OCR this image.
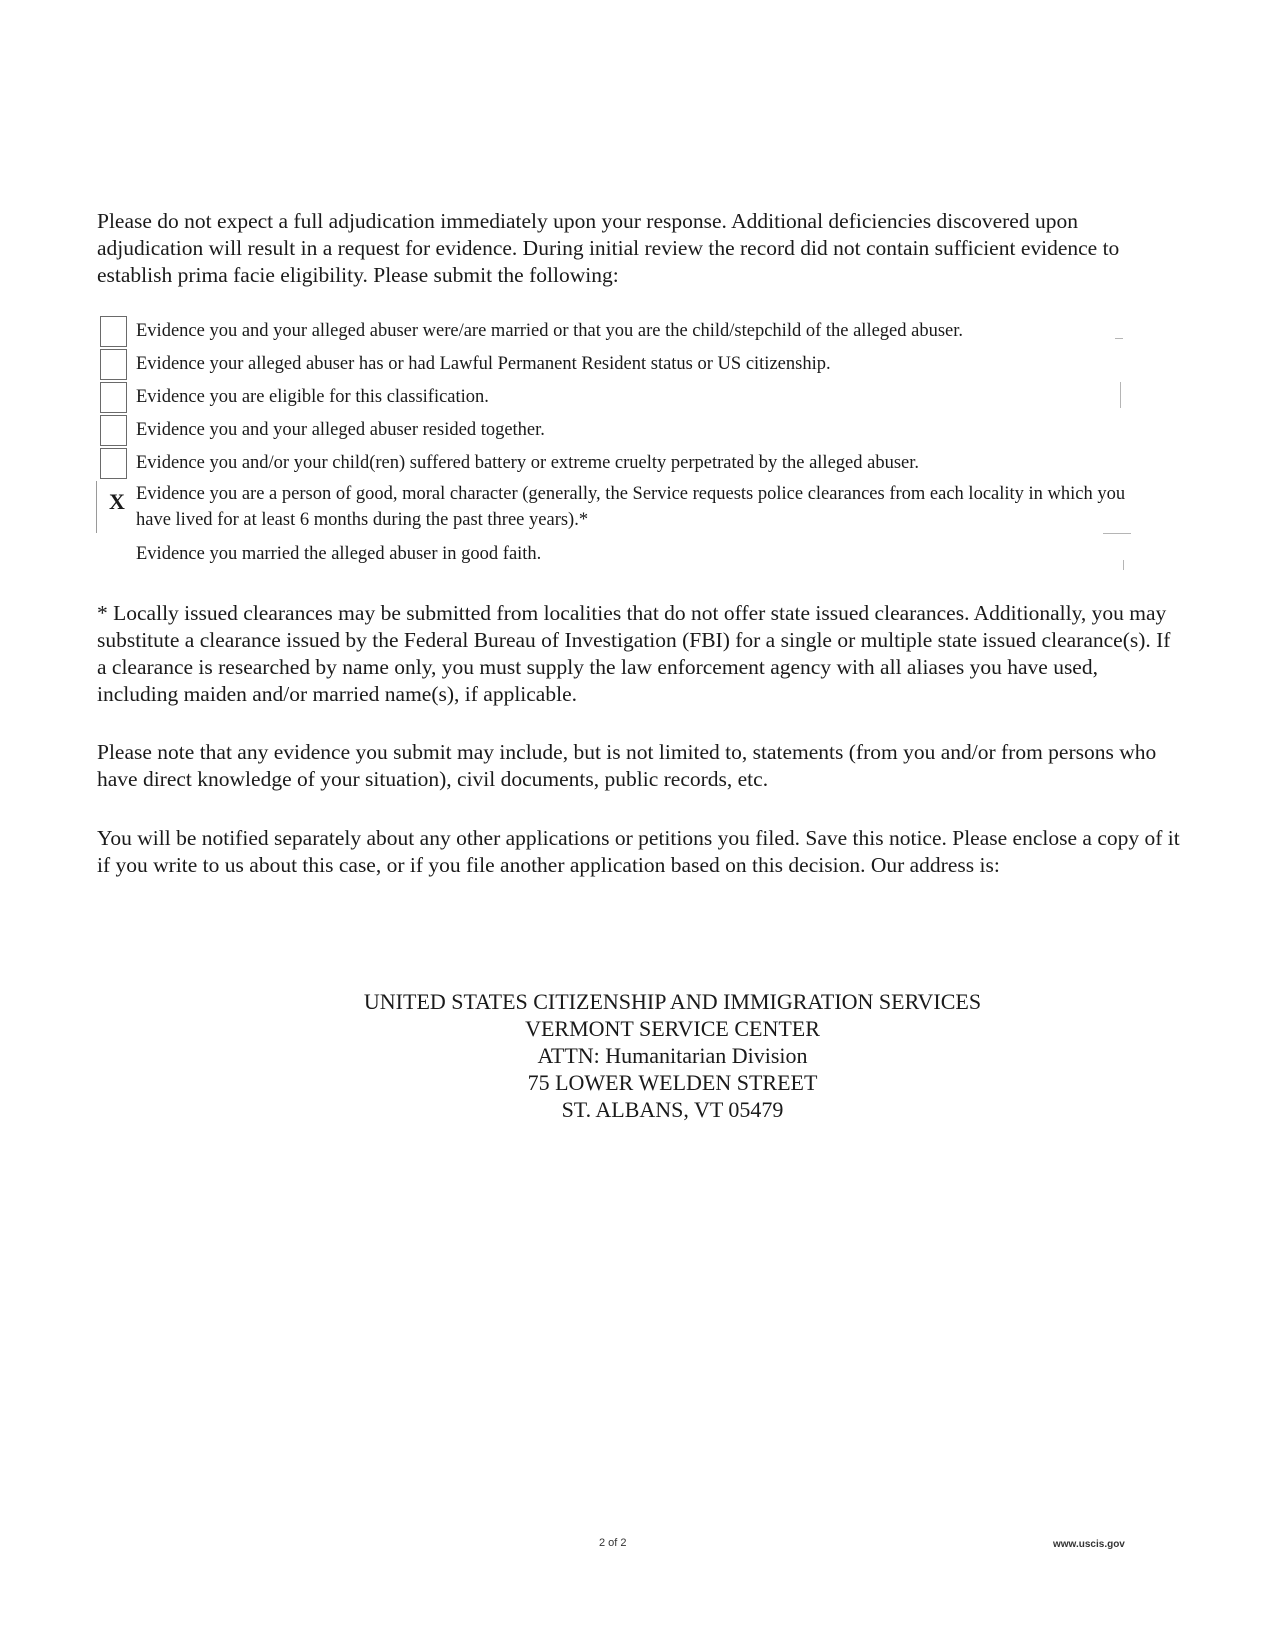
Please do not expect a full adjudication immediately upon your response. Additional deficiencies discovered upon adjudication will result in a request for evidence. During initial review the record did not contain sufficient evidence to establish prima facie eligibility. Please submit the following:

Evidence you and your alleged abuser were/are married or that you are the child/stepchild of the alleged abuser.
Evidence your alleged abuser has or had Lawful Permanent Resident status or US citizenship.
Evidence you are eligible for this classification.
Evidence you and your alleged abuser resided together.
Evidence you and/or your child(ren) suffered battery or extreme cruelty perpetrated by the alleged abuser.
X Evidence you are a person of good, moral character (generally, the Service requests police clearances from each locality in which you have lived for at least 6 months during the past three years).*
Evidence you married the alleged abuser in good faith.

* Locally issued clearances may be submitted from localities that do not offer state issued clearances. Additionally, you may substitute a clearance issued by the Federal Bureau of Investigation (FBI) for a single or multiple state issued clearance(s). If a clearance is researched by name only, you must supply the law enforcement agency with all aliases you have used, including maiden and/or married name(s), if applicable.

Please note that any evidence you submit may include, but is not limited to, statements (from you and/or from persons who have direct knowledge of your situation), civil documents, public records, etc.

You will be notified separately about any other applications or petitions you filed. Save this notice. Please enclose a copy of it if you write to us about this case, or if you file another application based on this decision. Our address is:

UNITED STATES CITIZENSHIP AND IMMIGRATION SERVICES
VERMONT SERVICE CENTER
ATTN: Humanitarian Division
75 LOWER WELDEN STREET
ST. ALBANS, VT 05479
2 of 2	www.uscis.gov
